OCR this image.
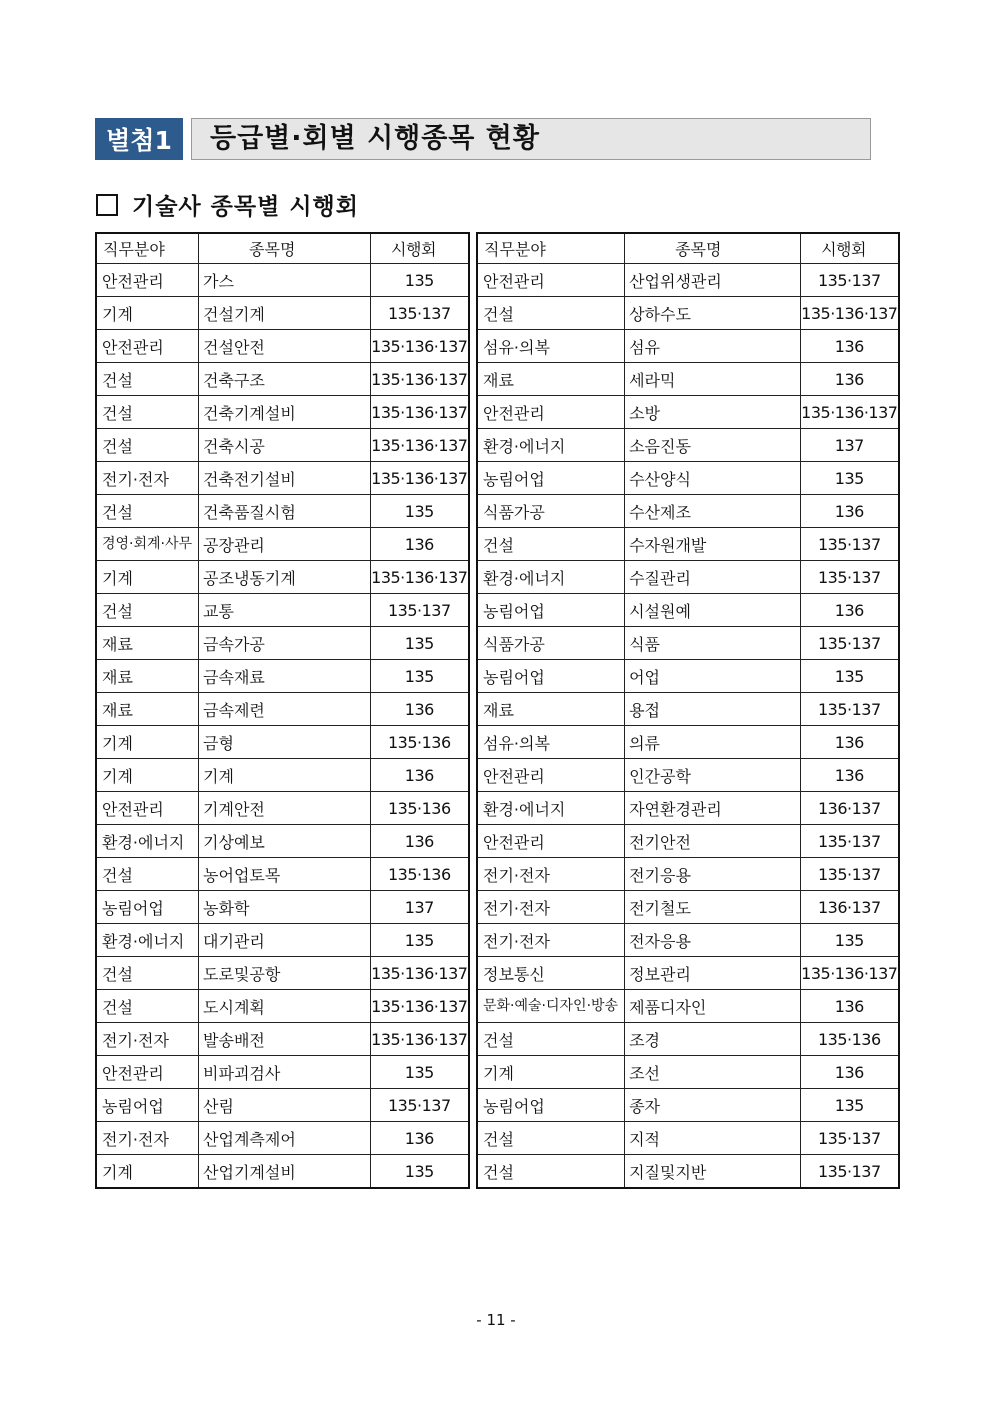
별첨1	등급별·회별 시행종목 현황
기술사 종목별 시행회
직무분야	종목명	시행회
안전관리	가스	135
기계	건설기계	135·137
안전관리	건설안전	135·136·137
건설	건축구조	135·136·137
건설	건축기계설비	135·136·137
건설	건축시공	135·136·137
전기·전자	건축전기설비	135·136·137
건설	건축품질시험	135
경영·회계·사무	공장관리	136
기계	공조냉동기계	135·136·137
건설	교통	135·137
재료	금속가공	135
재료	금속재료	135
재료	금속제련	136
기계	금형	135·136
기계	기계	136
안전관리	기계안전	135·136
환경·에너지	기상예보	136
건설	농어업토목	135·136
농림어업	농화학	137
환경·에너지	대기관리	135
건설	도로및공항	135·136·137
건설	도시계획	135·136·137
전기·전자	발송배전	135·136·137
안전관리	비파괴검사	135
농림어업	산림	135·137
전기·전자	산업계측제어	136
기계	산업기계설비	135
직무분야	종목명	시행회
안전관리	산업위생관리	135·137
건설	상하수도	135·136·137
섬유·의복	섬유	136
재료	세라믹	136
안전관리	소방	135·136·137
환경·에너지	소음진동	137
농림어업	수산양식	135
식품가공	수산제조	136
건설	수자원개발	135·137
환경·에너지	수질관리	135·137
농림어업	시설원예	136
식품가공	식품	135·137
농림어업	어업	135
재료	용접	135·137
섬유·의복	의류	136
안전관리	인간공학	136
환경·에너지	자연환경관리	136·137
안전관리	전기안전	135·137
전기·전자	전기응용	135·137
전기·전자	전기철도	136·137
전기·전자	전자응용	135
정보통신	정보관리	135·136·137
문화·예술·디자인·방송	제품디자인	136
건설	조경	135·136
기계	조선	136
농림어업	종자	135
건설	지적	135·137
건설	지질및지반	135·137
- 11 -
